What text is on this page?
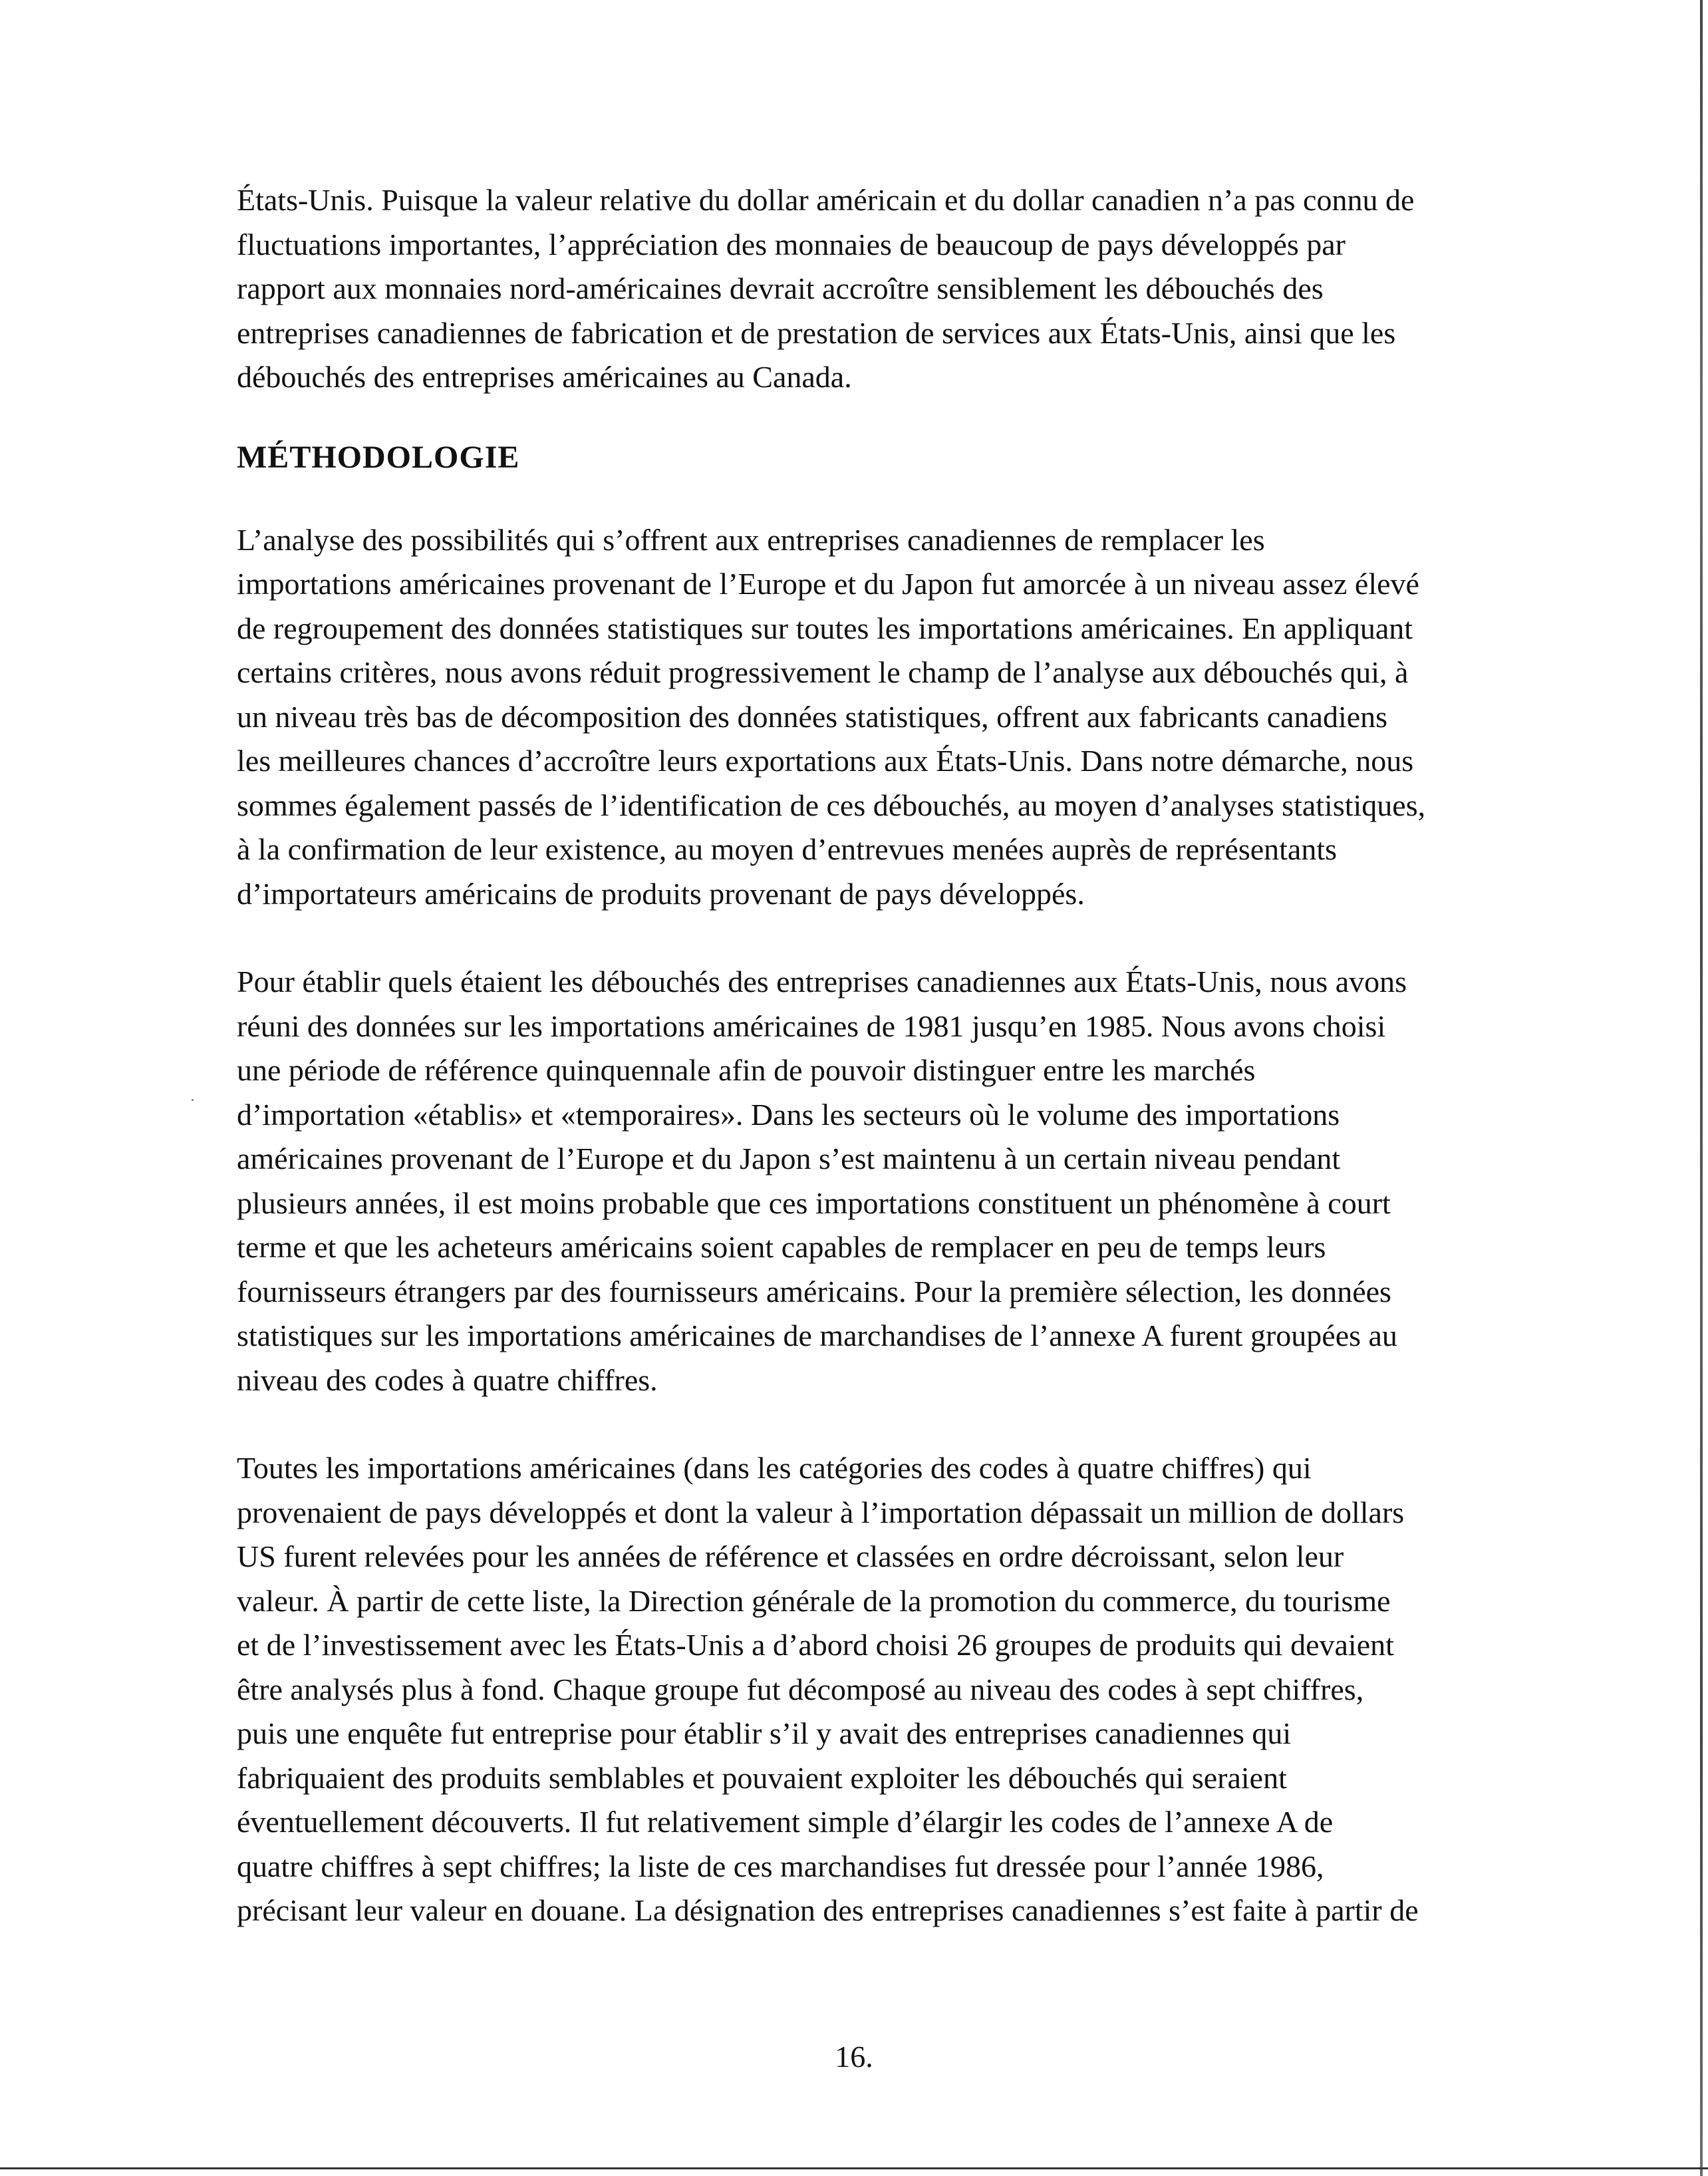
États-Unis. Puisque la valeur relative du dollar américain et du dollar canadien n’a pas connu de
fluctuations importantes, l’appréciation des monnaies de beaucoup de pays développés par
rapport aux monnaies nord-américaines devrait accroître sensiblement les débouchés des
entreprises canadiennes de fabrication et de prestation de services aux États-Unis, ainsi que les
débouchés des entreprises américaines au Canada.

MÉTHODOLOGIE

L’analyse des possibilités qui s’offrent aux entreprises canadiennes de remplacer les
importations américaines provenant de l’Europe et du Japon fut amorcée à un niveau assez élevé
de regroupement des données statistiques sur toutes les importations américaines. En appliquant
certains critères, nous avons réduit progressivement le champ de l’analyse aux débouchés qui, à
un niveau très bas de décomposition des données statistiques, offrent aux fabricants canadiens
les meilleures chances d’accroître leurs exportations aux États-Unis. Dans notre démarche, nous
sommes également passés de l’identification de ces débouchés, au moyen d’analyses statistiques,
à la confirmation de leur existence, au moyen d’entrevues menées auprès de représentants
d’importateurs américains de produits provenant de pays développés.

Pour établir quels étaient les débouchés des entreprises canadiennes aux États-Unis, nous avons
réuni des données sur les importations américaines de 1981 jusqu’en 1985. Nous avons choisi
une période de référence quinquennale afin de pouvoir distinguer entre les marchés
d’importation «établis» et «temporaires». Dans les secteurs où le volume des importations
américaines provenant de l’Europe et du Japon s’est maintenu à un certain niveau pendant
plusieurs années, il est moins probable que ces importations constituent un phénomène à court
terme et que les acheteurs américains soient capables de remplacer en peu de temps leurs
fournisseurs étrangers par des fournisseurs américains. Pour la première sélection, les données
statistiques sur les importations américaines de marchandises de l’annexe A furent groupées au
niveau des codes à quatre chiffres.

Toutes les importations américaines (dans les catégories des codes à quatre chiffres) qui
provenaient de pays développés et dont la valeur à l’importation dépassait un million de dollars
US furent relevées pour les années de référence et classées en ordre décroissant, selon leur
valeur. À partir de cette liste, la Direction générale de la promotion du commerce, du tourisme
et de l’investissement avec les États-Unis a d’abord choisi 26 groupes de produits qui devaient
être analysés plus à fond. Chaque groupe fut décomposé au niveau des codes à sept chiffres,
puis une enquête fut entreprise pour établir s’il y avait des entreprises canadiennes qui
fabriquaient des produits semblables et pouvaient exploiter les débouchés qui seraient
éventuellement découverts. Il fut relativement simple d’élargir les codes de l’annexe A de
quatre chiffres à sept chiffres; la liste de ces marchandises fut dressée pour l’année 1986,
précisant leur valeur en douane. La désignation des entreprises canadiennes s’est faite à partir de

16.
